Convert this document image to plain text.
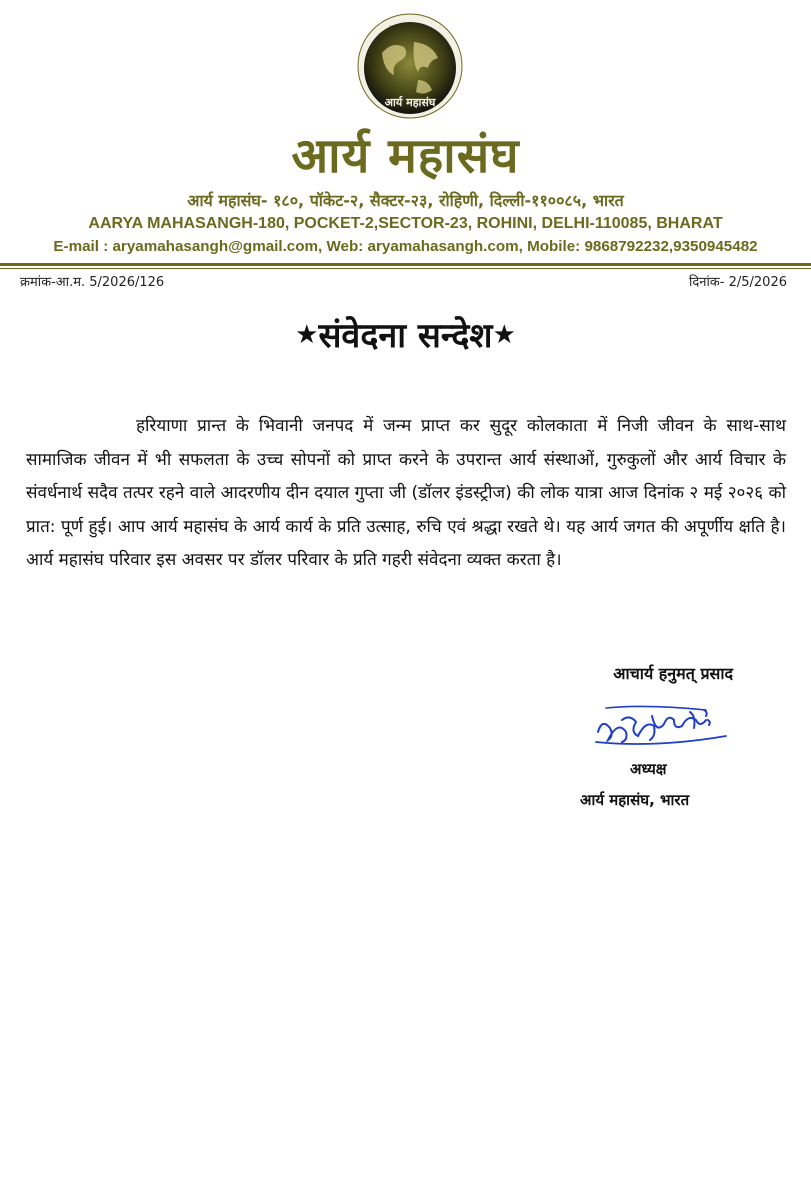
आर्य महासंघ संस्कार्य
आर्य महासंघ
आर्य महासंघ
आर्य महासंघ- १८०, पॉकेट-२, सैक्टर-२३, रोहिणी, दिल्ली-११००८५, भारत
AARYA MAHASANGH-180, POCKET-2,SECTOR-23, ROHINI, DELHI-110085, BHARAT
E-mail : aryamahasangh@gmail.com, Web: aryamahasangh.com, Mobile: 9868792232,9350945482
क्रमांक-आ.म. 5/2026/126	दिनांक- 2/5/2026
★संवेदना सन्देश★
हरियाणा प्रान्त के भिवानी जनपद में जन्म प्राप्त कर सुदूर कोलकाता में निजी जीवन के साथ-साथ सामाजिक जीवन में भी सफलता के उच्च सोपनों को प्राप्त करने के उपरान्त आर्य संस्थाओं, गुरुकुलों और आर्य विचार के संवर्धनार्थ सदैव तत्पर रहने वाले आदरणीय दीन दयाल गुप्ता जी (डॉलर इंडस्ट्रीज) की लोक यात्रा आज दिनांक २ मई २०२६ को प्रात: पूर्ण हुई। आप आर्य महासंघ के आर्य कार्य के प्रति उत्साह, रुचि एवं श्रद्धा रखते थे। यह आर्य जगत की अपूर्णीय क्षति है। आर्य महासंघ परिवार इस अवसर पर डॉलर परिवार के प्रति गहरी संवेदना व्यक्त करता है।
आचार्य हनुमत् प्रसाद
अध्यक्ष
आर्य महासंघ, भारत
